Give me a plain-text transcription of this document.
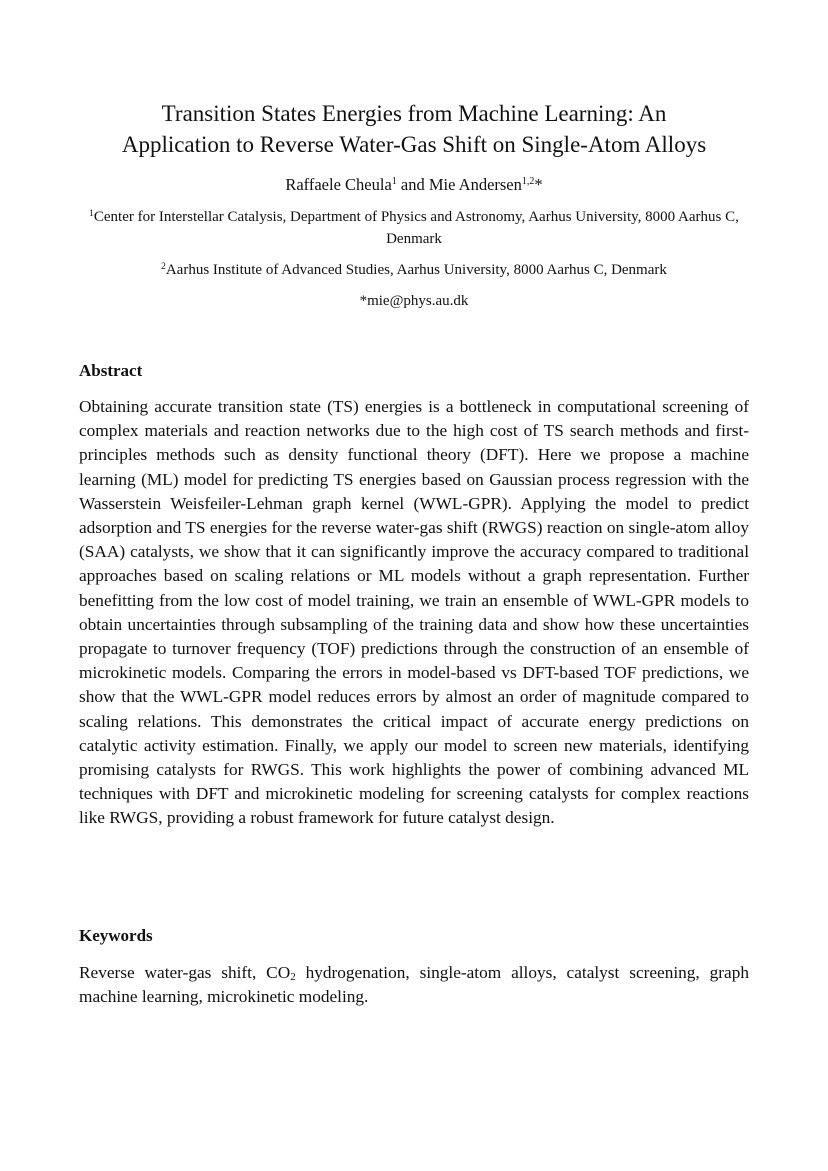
Transition States Energies from Machine Learning: An
Application to Reverse Water-Gas Shift on Single-Atom Alloys
Raffaele Cheula$^1$ and Mie Andersen$^{1,2}$*
$^1$Center for Interstellar Catalysis, Department of Physics and Astronomy, Aarhus University, 8000 Aarhus C, Denmark
$^2$Aarhus Institute of Advanced Studies, Aarhus University, 8000 Aarhus C, Denmark
*mie@phys.au.dk
Abstract

Obtaining accurate transition state (TS) energies is a bottleneck in computational screening of complex materials and reaction networks due to the high cost of TS search methods and first-principles methods such as density functional theory (DFT). Here we propose a machine learning (ML) model for predicting TS energies based on Gaussian process regression with the Wasserstein Weisfeiler-Lehman graph kernel (WWL-GPR). Applying the model to predict adsorption and TS energies for the reverse water-gas shift (RWGS) reaction on single-atom alloy (SAA) catalysts, we show that it can significantly improve the accuracy compared to traditional approaches based on scaling relations or ML models without a graph representation. Further benefitting from the low cost of model training, we train an ensemble of WWL-GPR models to obtain uncertainties through subsampling of the training data and show how these uncertainties propagate to turnover frequency (TOF) predictions through the construction of an ensemble of microkinetic models. Comparing the errors in model-based vs DFT-based TOF predictions, we show that the WWL-GPR model reduces errors by almost an order of magnitude compared to scaling relations. This demonstrates the critical impact of accurate energy predictions on catalytic activity estimation. Finally, we apply our model to screen new materials, identifying promising catalysts for RWGS. This work highlights the power of combining advanced ML techniques with DFT and microkinetic modeling for screening catalysts for complex reactions like RWGS, providing a robust framework for future catalyst design.

Keywords

Reverse water-gas shift, $CO_2$ hydrogenation, single-atom alloys, catalyst screening, graph machine learning, microkinetic modeling.
